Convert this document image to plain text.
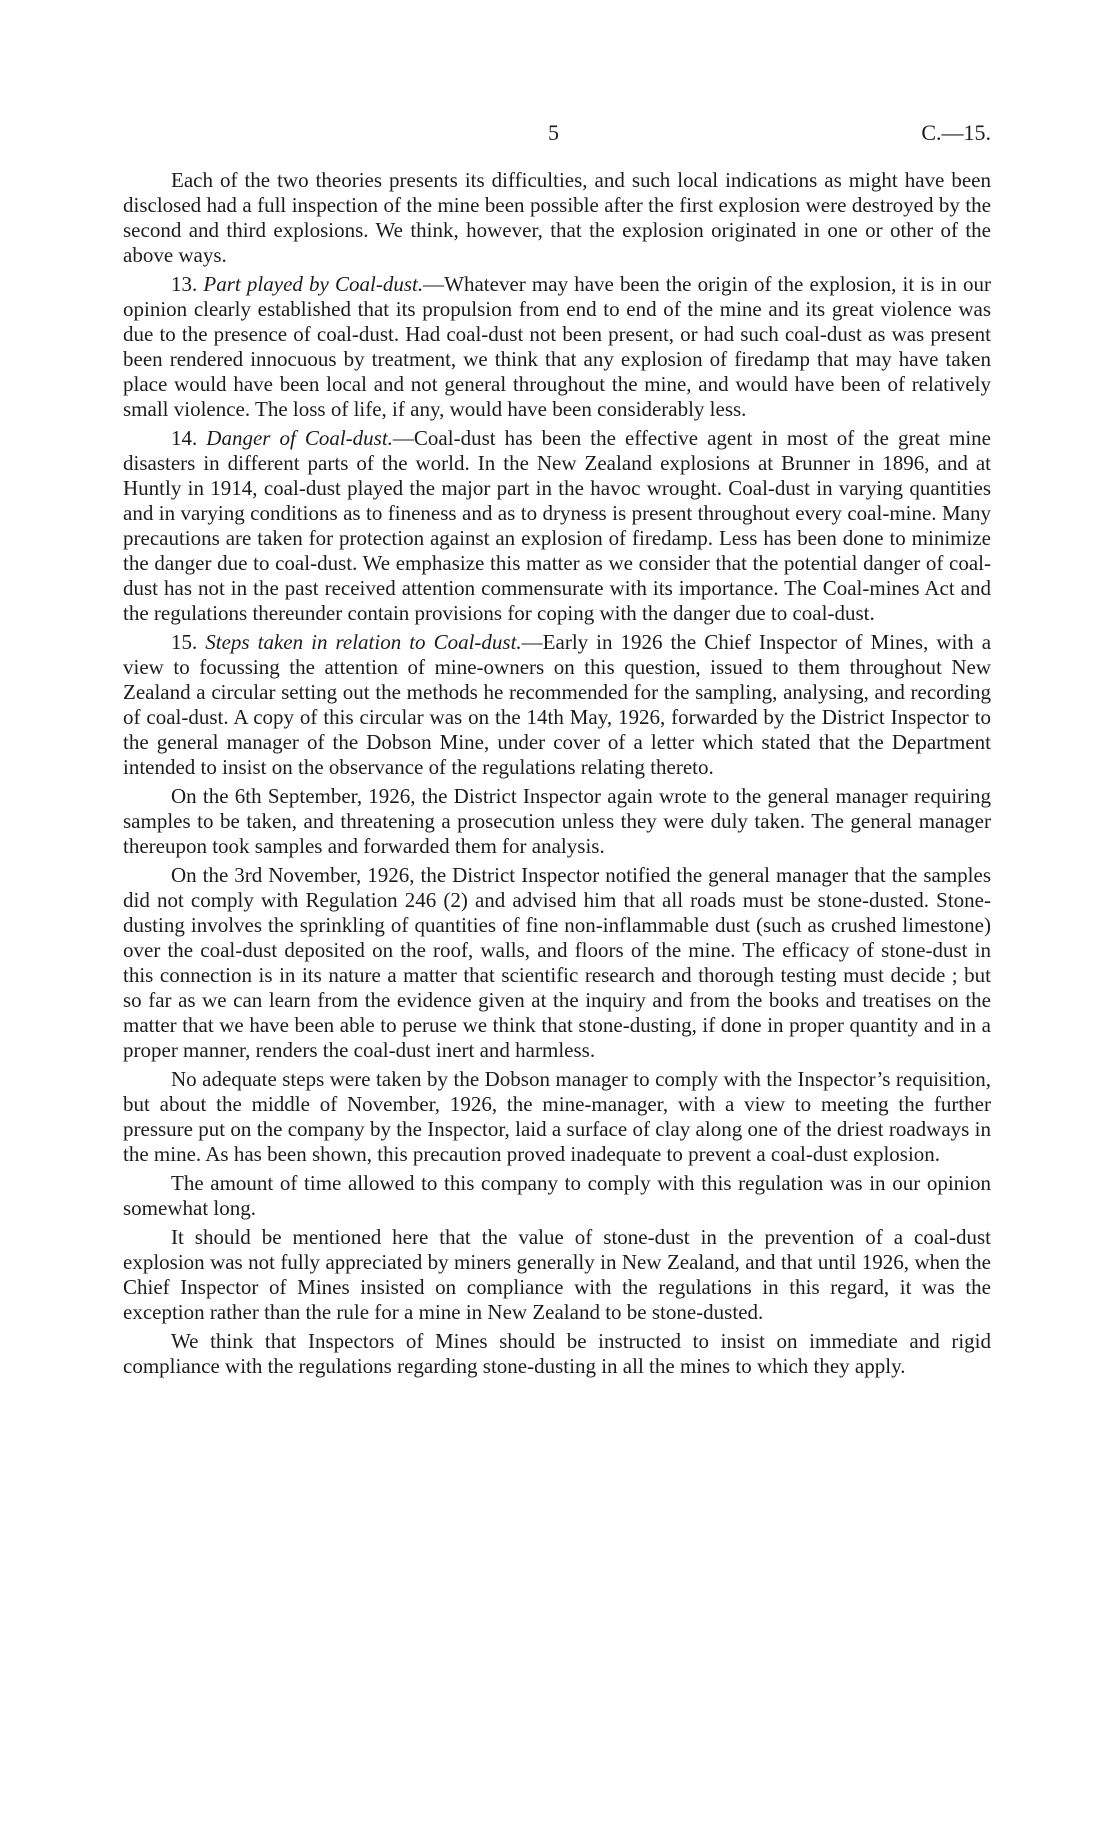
5	C.—15.

Each of the two theories presents its difficulties, and such local indications as might have been disclosed had a full inspection of the mine been possible after the first explosion were destroyed by the second and third explosions. We think, however, that the explosion originated in one or other of the above ways.

13. Part played by Coal-dust.—Whatever may have been the origin of the explosion, it is in our opinion clearly established that its propulsion from end to end of the mine and its great violence was due to the presence of coal-dust. Had coal-dust not been present, or had such coal-dust as was present been rendered innocuous by treatment, we think that any explosion of firedamp that may have taken place would have been local and not general throughout the mine, and would have been of relatively small violence. The loss of life, if any, would have been considerably less.

14. Danger of Coal-dust.—Coal-dust has been the effective agent in most of the great mine disasters in different parts of the world. In the New Zealand explosions at Brunner in 1896, and at Huntly in 1914, coal-dust played the major part in the havoc wrought. Coal-dust in varying quantities and in varying conditions as to fineness and as to dryness is present throughout every coal-mine. Many precautions are taken for protection against an explosion of firedamp. Less has been done to minimize the danger due to coal-dust. We emphasize this matter as we consider that the potential danger of coal-dust has not in the past received attention commensurate with its importance. The Coal-mines Act and the regulations thereunder contain provisions for coping with the danger due to coal-dust.

15. Steps taken in relation to Coal-dust.—Early in 1926 the Chief Inspector of Mines, with a view to focussing the attention of mine-owners on this question, issued to them throughout New Zealand a circular setting out the methods he recommended for the sampling, analysing, and recording of coal-dust. A copy of this circular was on the 14th May, 1926, forwarded by the District Inspector to the general manager of the Dobson Mine, under cover of a letter which stated that the Department intended to insist on the observance of the regulations relating thereto.

On the 6th September, 1926, the District Inspector again wrote to the general manager requiring samples to be taken, and threatening a prosecution unless they were duly taken. The general manager thereupon took samples and forwarded them for analysis.

On the 3rd November, 1926, the District Inspector notified the general manager that the samples did not comply with Regulation 246 (2) and advised him that all roads must be stone-dusted. Stone-dusting involves the sprinkling of quantities of fine non-inflammable dust (such as crushed limestone) over the coal-dust deposited on the roof, walls, and floors of the mine. The efficacy of stone-dust in this connection is in its nature a matter that scientific research and thorough testing must decide ; but so far as we can learn from the evidence given at the inquiry and from the books and treatises on the matter that we have been able to peruse we think that stone-dusting, if done in proper quantity and in a proper manner, renders the coal-dust inert and harmless.

No adequate steps were taken by the Dobson manager to comply with the Inspector’s requisition, but about the middle of November, 1926, the mine-manager, with a view to meeting the further pressure put on the company by the Inspector, laid a surface of clay along one of the driest roadways in the mine. As has been shown, this precaution proved inadequate to prevent a coal-dust explosion.

The amount of time allowed to this company to comply with this regulation was in our opinion somewhat long.

It should be mentioned here that the value of stone-dust in the prevention of a coal-dust explosion was not fully appreciated by miners generally in New Zealand, and that until 1926, when the Chief Inspector of Mines insisted on compliance with the regulations in this regard, it was the exception rather than the rule for a mine in New Zealand to be stone-dusted.

We think that Inspectors of Mines should be instructed to insist on immediate and rigid compliance with the regulations regarding stone-dusting in all the mines to which they apply.
